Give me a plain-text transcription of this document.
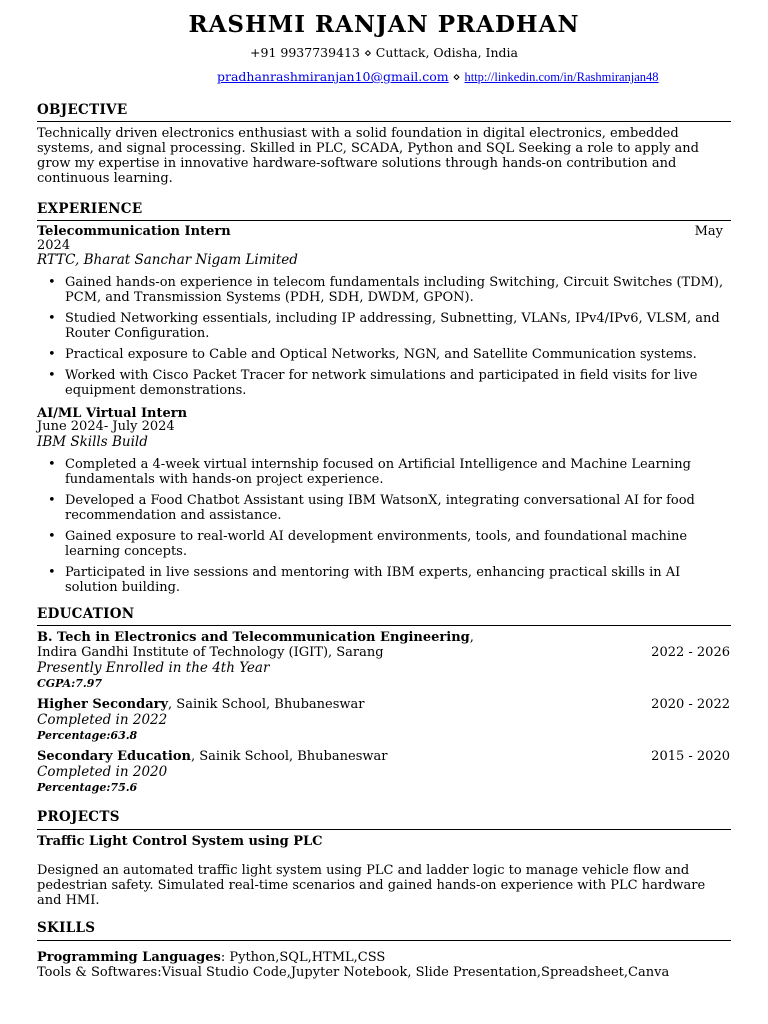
RASHMI RANJAN PRADHAN
+91 9937739413 ⋄ Cuttack, Odisha, India
pradhanrashmiranjan10@gmail.com ⋄ http://linkedin.com/in/Rashmiranjan48
OBJECTIVE
Technically driven electronics enthusiast with a solid foundation in digital electronics, embedded systems, and signal processing. Skilled in PLC, SCADA, Python and SQL Seeking a role to apply and grow my expertise in innovative hardware-software solutions through hands-on contribution and continuous learning.
EXPERIENCE
Telecommunication Intern	May
2024
RTTC, Bharat Sanchar Nigam Limited
• Gained hands-on experience in telecom fundamentals including Switching, Circuit Switches (TDM), PCM, and Transmission Systems (PDH, SDH, DWDM, GPON).
• Studied Networking essentials, including IP addressing, Subnetting, VLANs, IPv4/IPv6, VLSM, and Router Configuration.
• Practical exposure to Cable and Optical Networks, NGN, and Satellite Communication systems.
• Worked with Cisco Packet Tracer for network simulations and participated in field visits for live equipment demonstrations.
AI/ML Virtual Intern
June 2024- July 2024
IBM Skills Build
• Completed a 4-week virtual internship focused on Artificial Intelligence and Machine Learning fundamentals with hands-on project experience.
• Developed a Food Chatbot Assistant using IBM WatsonX, integrating conversational AI for food recommendation and assistance.
• Gained exposure to real-world AI development environments, tools, and foundational machine learning concepts.
• Participated in live sessions and mentoring with IBM experts, enhancing practical skills in AI solution building.
EDUCATION
B. Tech in Electronics and Telecommunication Engineering,
Indira Gandhi Institute of Technology (IGIT), Sarang	2022 - 2026
Presently Enrolled in the 4th Year
CGPA:7.97
Higher Secondary, Sainik School, Bhubaneswar	2020 - 2022
Completed in 2022
Percentage:63.8
Secondary Education, Sainik School, Bhubaneswar	2015 - 2020
Completed in 2020
Percentage:75.6
PROJECTS
Traffic Light Control System using PLC
Designed an automated traffic light system using PLC and ladder logic to manage vehicle flow and pedestrian safety. Simulated real-time scenarios and gained hands-on experience with PLC hardware and HMI.
SKILLS
Programming Languages: Python,SQL,HTML,CSS
Tools & Softwares:Visual Studio Code,Jupyter Notebook, Slide Presentation,Spreadsheet,Canva
